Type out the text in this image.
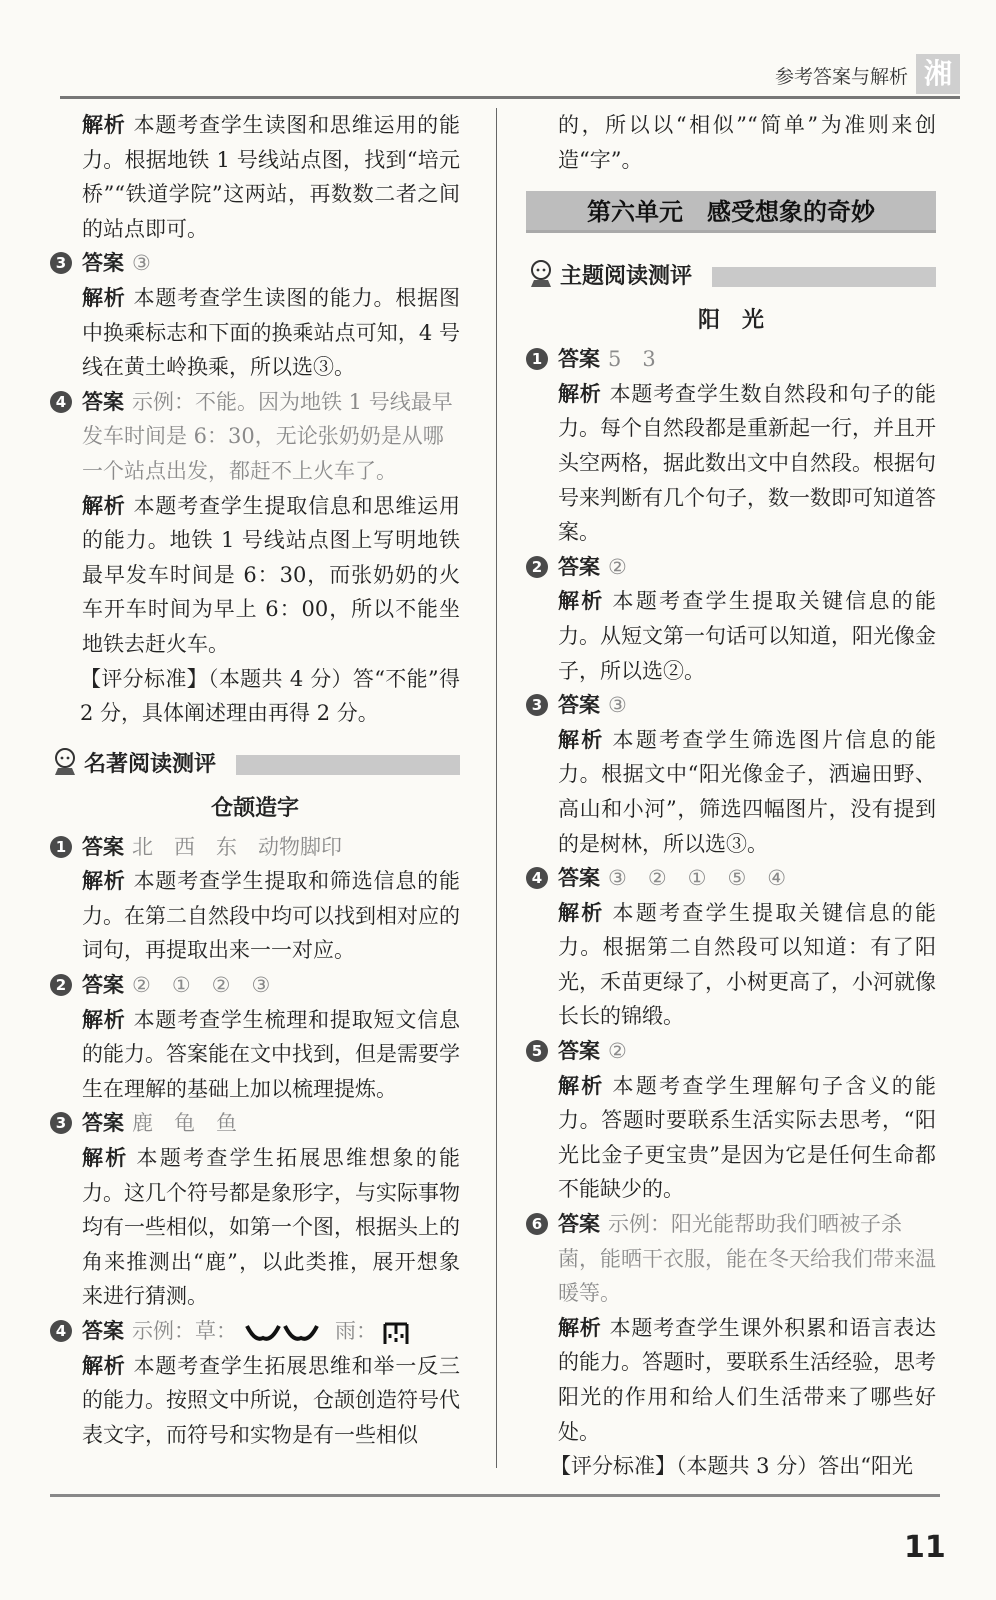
参考答案与解析 湘

解析 本题考查学生读图和思维运用的能力。根据地铁 1 号线站点图，找到“培元桥”“铁道学院”这两站，再数数二者之间的站点即可。

3 答案 ③

解析 本题考查学生读图的能力。根据图中换乘标志和下面的换乘站点可知，4 号线在黄土岭换乘，所以选③。

4 答案 示例：不能。因为地铁 1 号线最早发车时间是 6：30，无论张奶奶是从哪一个站点出发，都赶不上火车了。

解析 本题考查学生提取信息和思维运用的能力。地铁 1 号线站点图上写明地铁最早发车时间是 6：30，而张奶奶的火车开车时间为早上 6：00，所以不能坐地铁去赶火车。

【评分标准】（本题共 4 分）答“不能”得 2 分，具体阐述理由再得 2 分。

名著阅读测评
仓颉造字

1 答案 北　西　东　动物脚印

解析 本题考查学生提取和筛选信息的能力。在第二自然段中均可以找到相对应的词句，再提取出来一一对应。

2 答案 ②　①　②　③

解析 本题考查学生梳理和提取短文信息的能力。答案能在文中找到，但是需要学生在理解的基础上加以梳理提炼。

3 答案 鹿　龟　鱼

解析 本题考查学生拓展思维想象的能力。这几个符号都是象形字，与实际事物均有一些相似，如第一个图，根据头上的角来推测出“鹿”，以此类推，展开想象来进行猜测。

4 答案 示例：草：	雨：

解析 本题考查学生拓展思维和举一反三的能力。按照文中所说，仓颉创造符号代表文字，而符号和实物是有一些相似

的，所以以“相似”“简单”为准则来创造“字”。

第六单元　感受想象的奇妙
主题阅读测评
阳　光

1 答案 5　3

解析 本题考查学生数自然段和句子的能力。每个自然段都是重新起一行，并且开头空两格，据此数出文中自然段。根据句号来判断有几个句子，数一数即可知道答案。

2 答案 ②

解析 本题考查学生提取关键信息的能力。从短文第一句话可以知道，阳光像金子，所以选②。

3 答案 ③

解析 本题考查学生筛选图片信息的能力。根据文中“阳光像金子，洒遍田野、高山和小河”，筛选四幅图片，没有提到的是树林，所以选③。

4 答案 ③　②　①　⑤　④

解析 本题考查学生提取关键信息的能力。根据第二自然段可以知道：有了阳光，禾苗更绿了，小树更高了，小河就像长长的锦缎。

5 答案 ②

解析 本题考查学生理解句子含义的能力。答题时要联系生活实际去思考，“阳光比金子更宝贵”是因为它是任何生命都不能缺少的。

6 答案 示例：阳光能帮助我们晒被子杀菌，能晒干衣服，能在冬天给我们带来温暖等。

解析 本题考查学生课外积累和语言表达的能力。答题时，要联系生活经验，思考阳光的作用和给人们生活带来了哪些好处。

【评分标准】（本题共 3 分）答出“阳光

11
